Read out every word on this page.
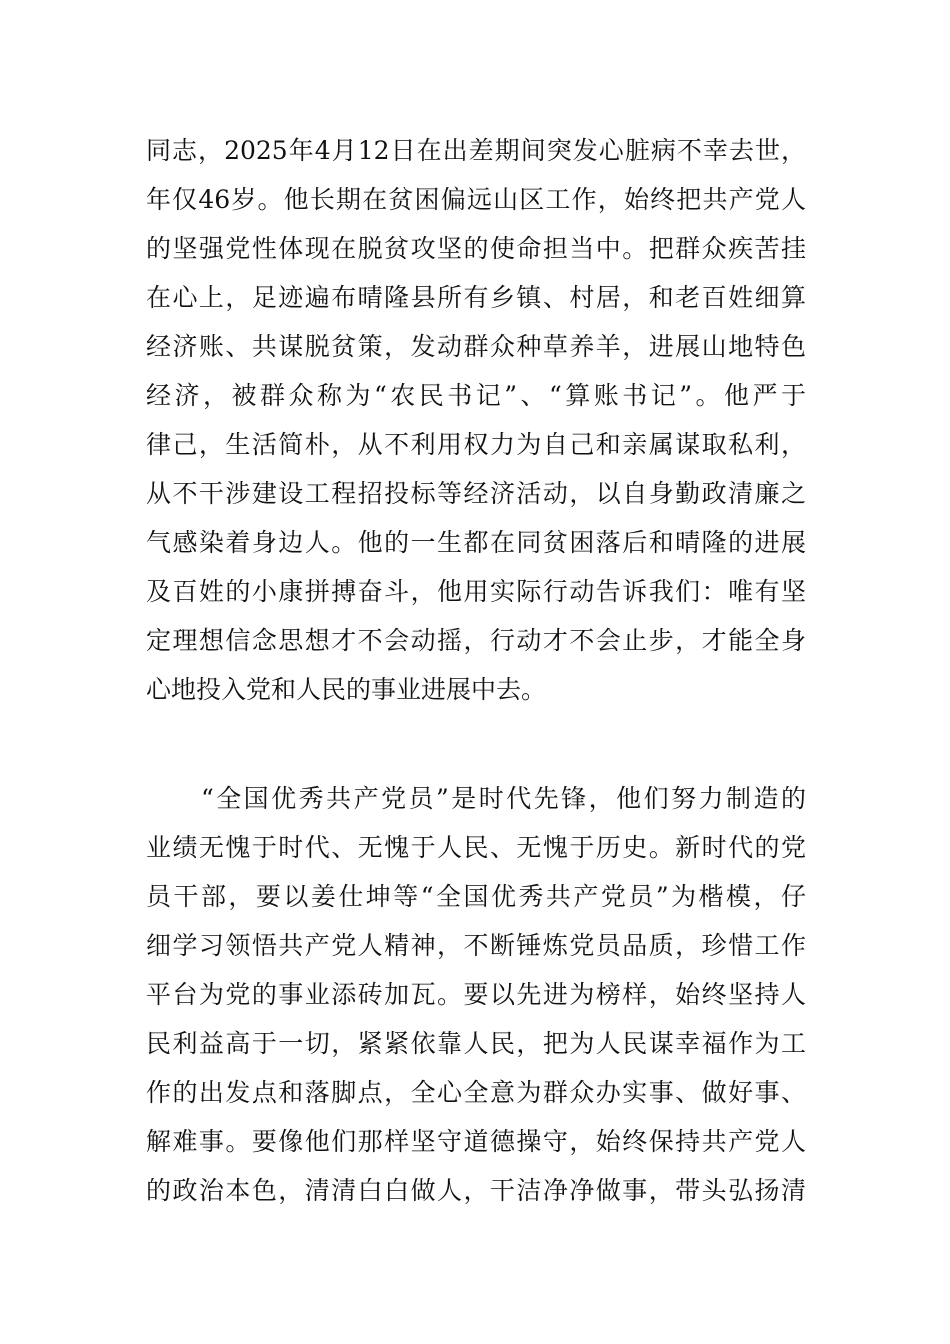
同志，2025年4月12日在出差期间突发心脏病不幸去世，
年仅46岁。他长期在贫困偏远山区工作，始终把共产党人
的坚强党性体现在脱贫攻坚的使命担当中。把群众疾苦挂
在心上，足迹遍布晴隆县所有乡镇、村居，和老百姓细算
经济账、共谋脱贫策，发动群众种草养羊，进展山地特色
经济，被群众称为“农民书记”、“算账书记”。他严于
律己，生活简朴，从不利用权力为自己和亲属谋取私利，
从不干涉建设工程招投标等经济活动，以自身勤政清廉之
气感染着身边人。他的一生都在同贫困落后和晴隆的进展
及百姓的小康拼搏奋斗，他用实际行动告诉我们：唯有坚
定理想信念思想才不会动摇，行动才不会止步，才能全身
心地投入党和人民的事业进展中去。
　　“全国优秀共产党员”是时代先锋，他们努力制造的
业绩无愧于时代、无愧于人民、无愧于历史。新时代的党
员干部，要以姜仕坤等“全国优秀共产党员”为楷模，仔
细学习领悟共产党人精神，不断锤炼党员品质，珍惜工作
平台为党的事业添砖加瓦。要以先进为榜样，始终坚持人
民利益高于一切，紧紧依靠人民，把为人民谋幸福作为工
作的出发点和落脚点，全心全意为群众办实事、做好事、
解难事。要像他们那样坚守道德操守，始终保持共产党人
的政治本色，清清白白做人，干洁净净做事，带头弘扬清
